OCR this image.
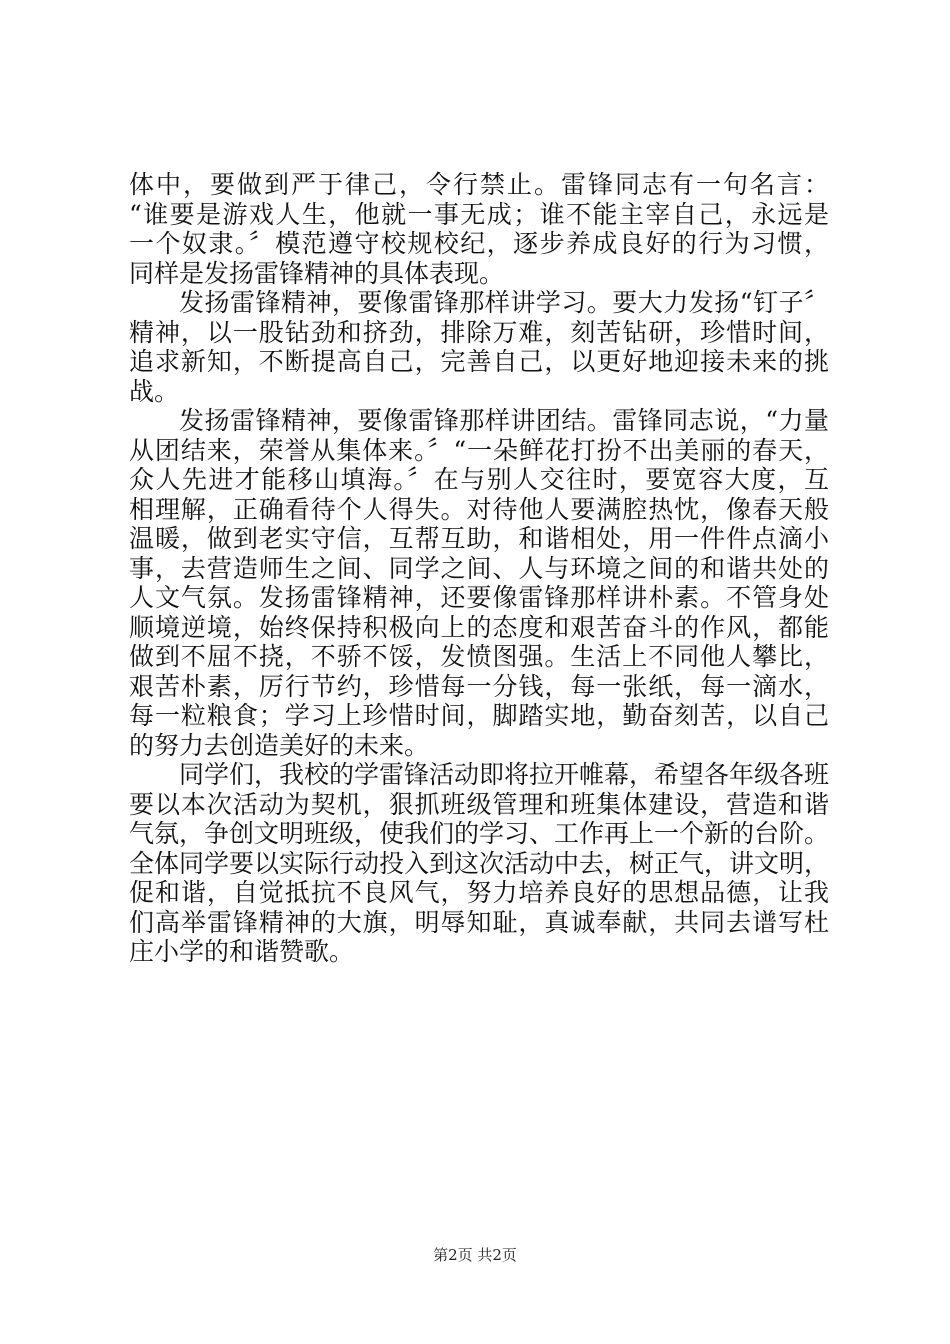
体中，要做到严于律己，令行禁止。雷锋同志有一句名言：
“谁要是游戏人生，他就一事无成；谁不能主宰自己，永远是
一个奴隶。〞模范遵守校规校纪，逐步养成良好的行为习惯，
同样是发扬雷锋精神的具体表现。
发扬雷锋精神，要像雷锋那样讲学习。要大力发扬“钉子〞
精神，以一股钻劲和挤劲，排除万难，刻苦钻研，珍惜时间，
追求新知，不断提高自己，完善自己，以更好地迎接未来的挑
战。
发扬雷锋精神，要像雷锋那样讲团结。雷锋同志说，“力量
从团结来，荣誉从集体来。〞“一朵鲜花打扮不出美丽的春天，
众人先进才能移山填海。〞在与别人交往时，要宽容大度，互
相理解，正确看待个人得失。对待他人要满腔热忱，像春天般
温暖，做到老实守信，互帮互助，和谐相处，用一件件点滴小
事，去营造师生之间、同学之间、人与环境之间的和谐共处的
人文气氛。发扬雷锋精神，还要像雷锋那样讲朴素。不管身处
顺境逆境，始终保持积极向上的态度和艰苦奋斗的作风，都能
做到不屈不挠，不骄不馁，发愤图强。生活上不同他人攀比，
艰苦朴素，厉行节约，珍惜每一分钱，每一张纸，每一滴水，
每一粒粮食；学习上珍惜时间，脚踏实地，勤奋刻苦，以自己
的努力去创造美好的未来。
同学们，我校的学雷锋活动即将拉开帷幕，希望各年级各班
要以本次活动为契机，狠抓班级管理和班集体建设，营造和谐
气氛，争创文明班级，使我们的学习、工作再上一个新的台阶。
全体同学要以实际行动投入到这次活动中去，树正气，讲文明，
促和谐，自觉抵抗不良风气，努力培养良好的思想品德，让我
们高举雷锋精神的大旗，明辱知耻，真诚奉献，共同去谱写杜
庄小学的和谐赞歌。
第2页 共2页
